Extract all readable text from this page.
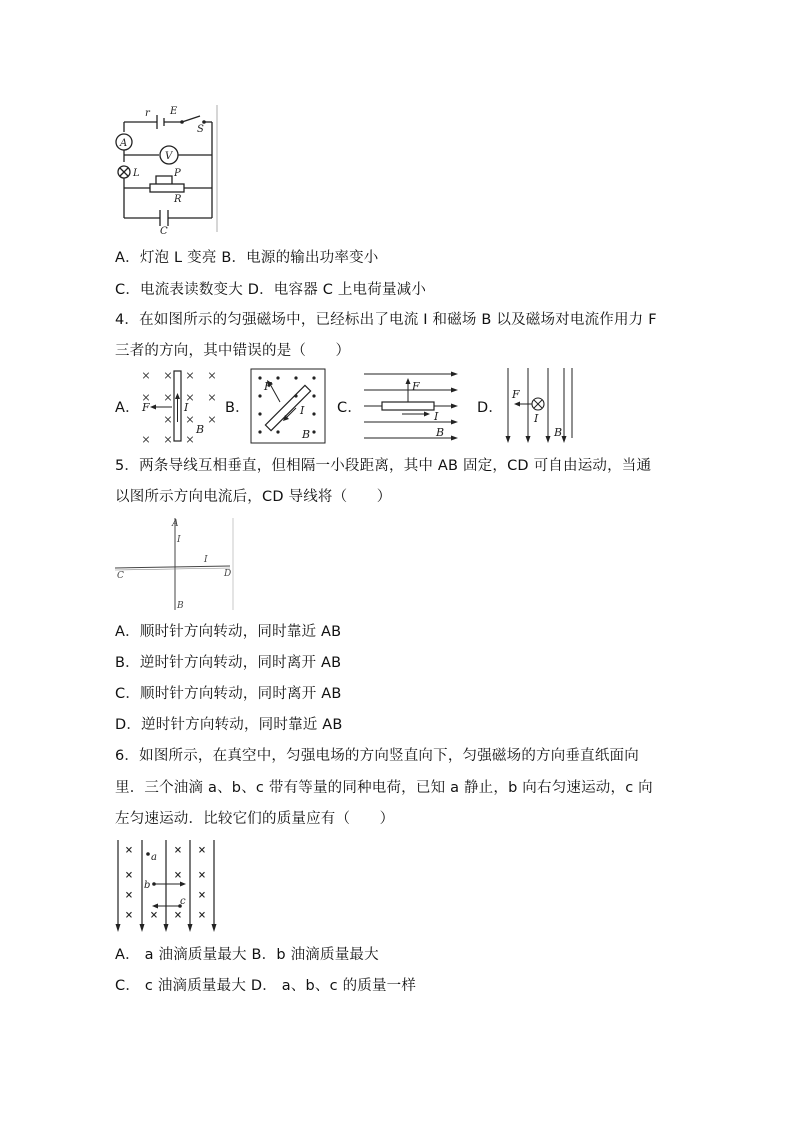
r E
S
A
V
L	P
R
C
A．灯泡 L 变亮 B．电源的输出功率变小
C．电流表读数变大 D．电容器 C 上电荷量减小
4．在如图所示的匀强磁场中，已经标出了电流 I 和磁场 B 以及磁场对电流作用力 F
三者的方向，其中错误的是（　　）
A．
× × × ×
× × × ×
× × ×
× × ×
F	I
B
B．
F
I
B
C．
F
I
B
D．
F
I
B
5．两条导线互相垂直，但相隔一小段距离，其中 AB 固定，CD 可自由运动，当通
以图所示方向电流后，CD 导线将（　　）
A
I
C
I
D
B
A．顺时针方向转动，同时靠近 AB
B．逆时针方向转动，同时离开 AB
C．顺时针方向转动，同时离开 AB
D．逆时针方向转动，同时靠近 AB
6．如图所示，在真空中，匀强电场的方向竖直向下，匀强磁场的方向垂直纸面向
里．三个油滴 a、b、c 带有等量的同种电荷，已知 a 静止，b 向右匀速运动，c 向
左匀速运动．比较它们的质量应有（　　）
×	× ×
×	× ×
×	×
× × × ×
a
b
c
A． a 油滴质量最大 B．b 油滴质量最大
C． c 油滴质量最大 D． a、b、c 的质量一样
